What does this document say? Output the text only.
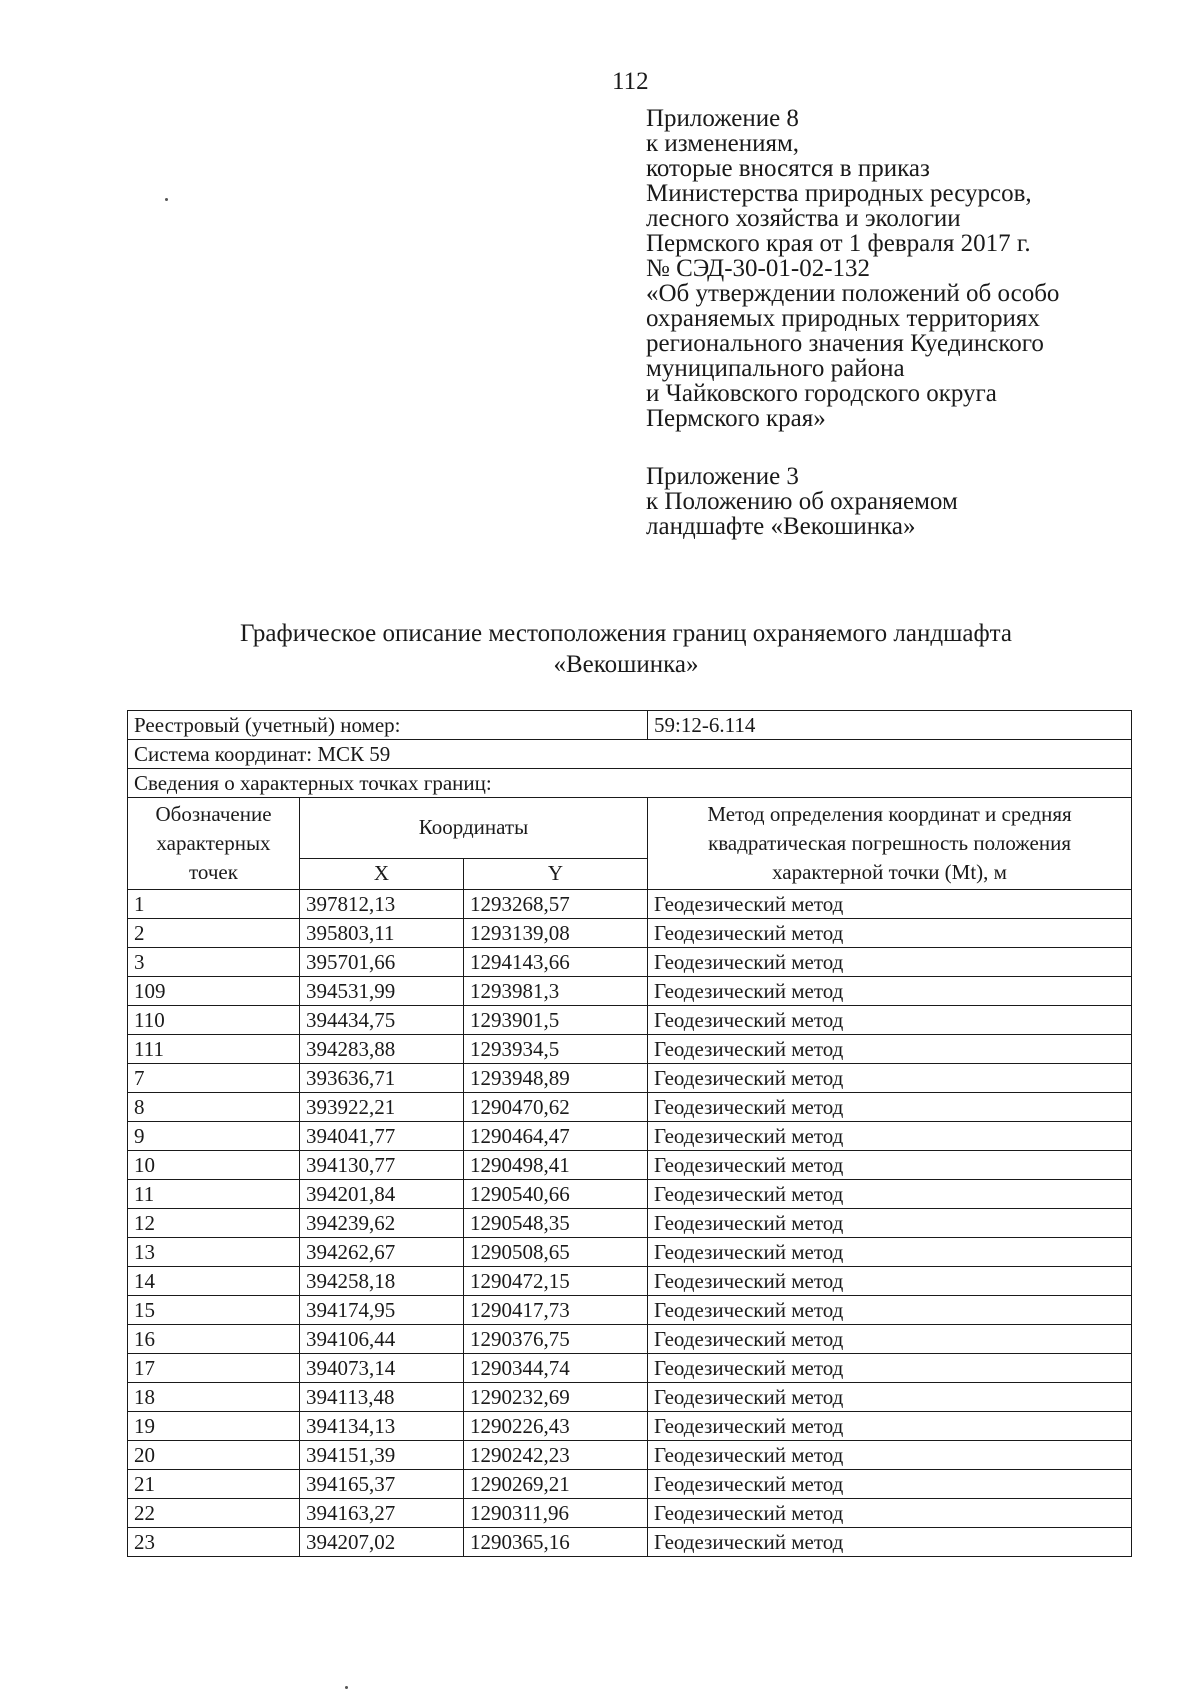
112
Приложение 8
к изменениям,
которые вносятся в приказ
Министерства природных ресурсов,
лесного хозяйства и экологии
Пермского края от 1 февраля 2017 г.
№ СЭД-30-01-02-132
«Об утверждении положений об особо
охраняемых природных территориях
регионального значения Куединского
муниципального района
и Чайковского городского округа
Пермского края»
Приложение 3
к Положению об охраняемом
ландшафте «Векошинка»
Графическое описание местоположения границ охраняемого ландшафта
«Векошинка»
Реестровый (учетный) номер:			59:12-6.114
Система координат: МСК 59			
Сведения о характерных точках границ:			
Обозначение характерных точек	Координаты		Метод определения координат и средняя квадратическая погрешность положения характерной точки (Mt), м
	X	Y	
1	397812,13	1293268,57	Геодезический метод
2	395803,11	1293139,08	Геодезический метод
3	395701,66	1294143,66	Геодезический метод
109	394531,99	1293981,3	Геодезический метод
110	394434,75	1293901,5	Геодезический метод
111	394283,88	1293934,5	Геодезический метод
7	393636,71	1293948,89	Геодезический метод
8	393922,21	1290470,62	Геодезический метод
9	394041,77	1290464,47	Геодезический метод
10	394130,77	1290498,41	Геодезический метод
11	394201,84	1290540,66	Геодезический метод
12	394239,62	1290548,35	Геодезический метод
13	394262,67	1290508,65	Геодезический метод
14	394258,18	1290472,15	Геодезический метод
15	394174,95	1290417,73	Геодезический метод
16	394106,44	1290376,75	Геодезический метод
17	394073,14	1290344,74	Геодезический метод
18	394113,48	1290232,69	Геодезический метод
19	394134,13	1290226,43	Геодезический метод
20	394151,39	1290242,23	Геодезический метод
21	394165,37	1290269,21	Геодезический метод
22	394163,27	1290311,96	Геодезический метод
23	394207,02	1290365,16	Геодезический метод
